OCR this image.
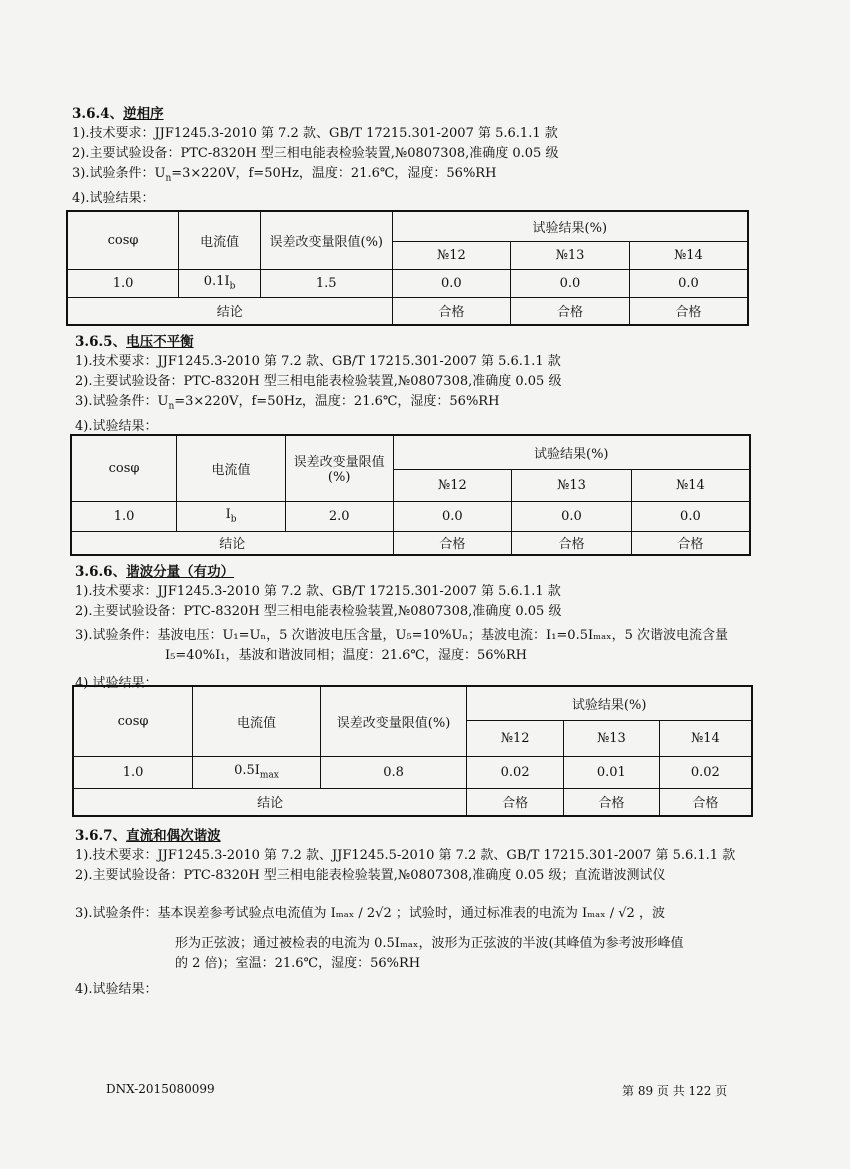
3.6.4、逆相序
1).技术要求：JJF1245.3-2010 第 7.2 款、GB/T 17215.301-2007 第 5.6.1.1 款
2).主要试验设备：PTC-8320H 型三相电能表检验装置,№0807308,准确度 0.05 级
3).试验条件：$U_n=3\times 220V$，f=50Hz，温度：21.6℃，湿度：56%RH
4).试验结果：
cosφ	电流值	误差改变量限值(%)	试验结果(%)		
			№12	№13	№14
1.0	$0.1I_b$	1.5	0.0	0.0	0.0
结论			合格	合格	合格
3.6.5、电压不平衡
1).技术要求：JJF1245.3-2010 第 7.2 款、GB/T 17215.301-2007 第 5.6.1.1 款
2).主要试验设备：PTC-8320H 型三相电能表检验装置,№0807308,准确度 0.05 级
3).试验条件：$U_n=3\times 220V$，f=50Hz，温度：21.6℃，湿度：56%RH
4).试验结果：
cosφ	电流值	误差改变量限值(%)	试验结果(%)		
			№12	№13	№14
1.0	$I_b$	2.0	0.0	0.0	0.0
结论			合格	合格	合格
3.6.6、谐波分量（有功）
1).技术要求：JJF1245.3-2010 第 7.2 款、GB/T 17215.301-2007 第 5.6.1.1 款
2).主要试验设备：PTC-8320H 型三相电能表检验装置,№0807308,准确度 0.05 级
3).试验条件：基波电压：U₁=Uₙ，5 次谐波电压含量，U₅=10%Uₙ；基波电流：I₁=0.5Iₘₐₓ，5 次谐波电流含量
I₅=40%I₁，基波和谐波同相；温度：21.6℃，湿度：56%RH
4).试验结果：
cosφ	电流值	误差改变量限值(%)	试验结果(%)		
			№12	№13	№14
1.0	$0.5I_{max}$	0.8	0.02	0.01	0.02
结论			合格	合格	合格
3.6.7、直流和偶次谐波
1).技术要求：JJF1245.3-2010 第 7.2 款、JJF1245.5-2010 第 7.2 款、GB/T 17215.301-2007 第 5.6.1.1 款
2).主要试验设备：PTC-8320H 型三相电能表检验装置,№0807308,准确度 0.05 级；直流谐波测试仪
3).试验条件：基本误差参考试验点电流值为 Iₘₐₓ / 2√2 ；试验时，通过标准表的电流为 Iₘₐₓ / √2 ，波
形为正弦波；通过被检表的电流为 0.5Iₘₐₓ，波形为正弦波的半波(其峰值为参考波形峰值
的 2 倍)；室温：21.6℃，湿度：56%RH
4).试验结果：
DNX-2015080099	第 89 页 共 122 页
